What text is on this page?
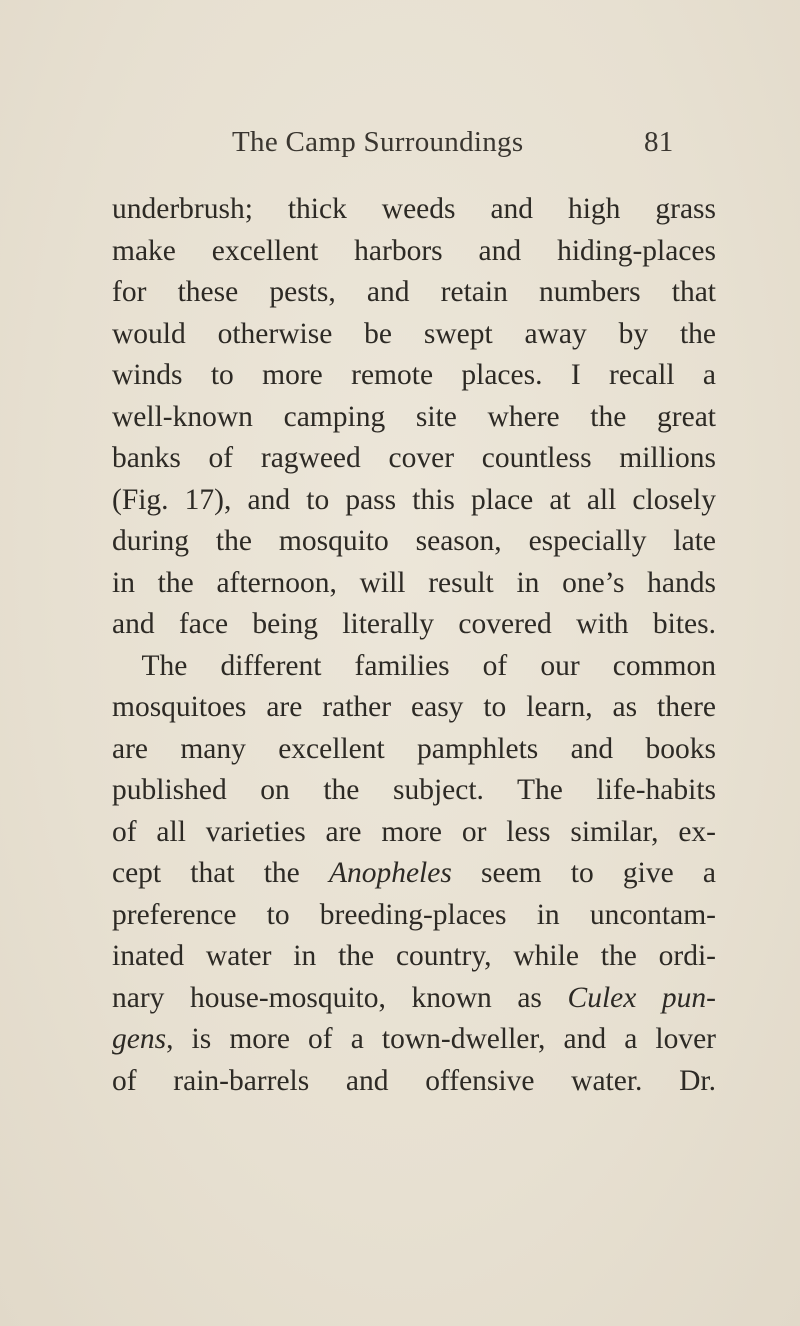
The Camp Surroundings	81
underbrush; thick weeds and high grass
make excellent harbors and hiding-places
for these pests, and retain numbers that
would otherwise be swept away by the
winds to more remote places. I recall a
well-known camping site where the great
banks of ragweed cover countless millions
(Fig. 17), and to pass this place at all closely
during the mosquito season, especially late
in the afternoon, will result in one’s hands
and face being literally covered with bites.
 The different families of our common
mosquitoes are rather easy to learn, as there
are many excellent pamphlets and books
published on the subject. The life-habits
of all varieties are more or less similar, ex-
cept that the Anopheles seem to give a
preference to breeding-places in uncontam-
inated water in the country, while the ordi-
nary house-mosquito, known as Culex pun-
gens, is more of a town-dweller, and a lover
of rain-barrels and offensive water. Dr.
